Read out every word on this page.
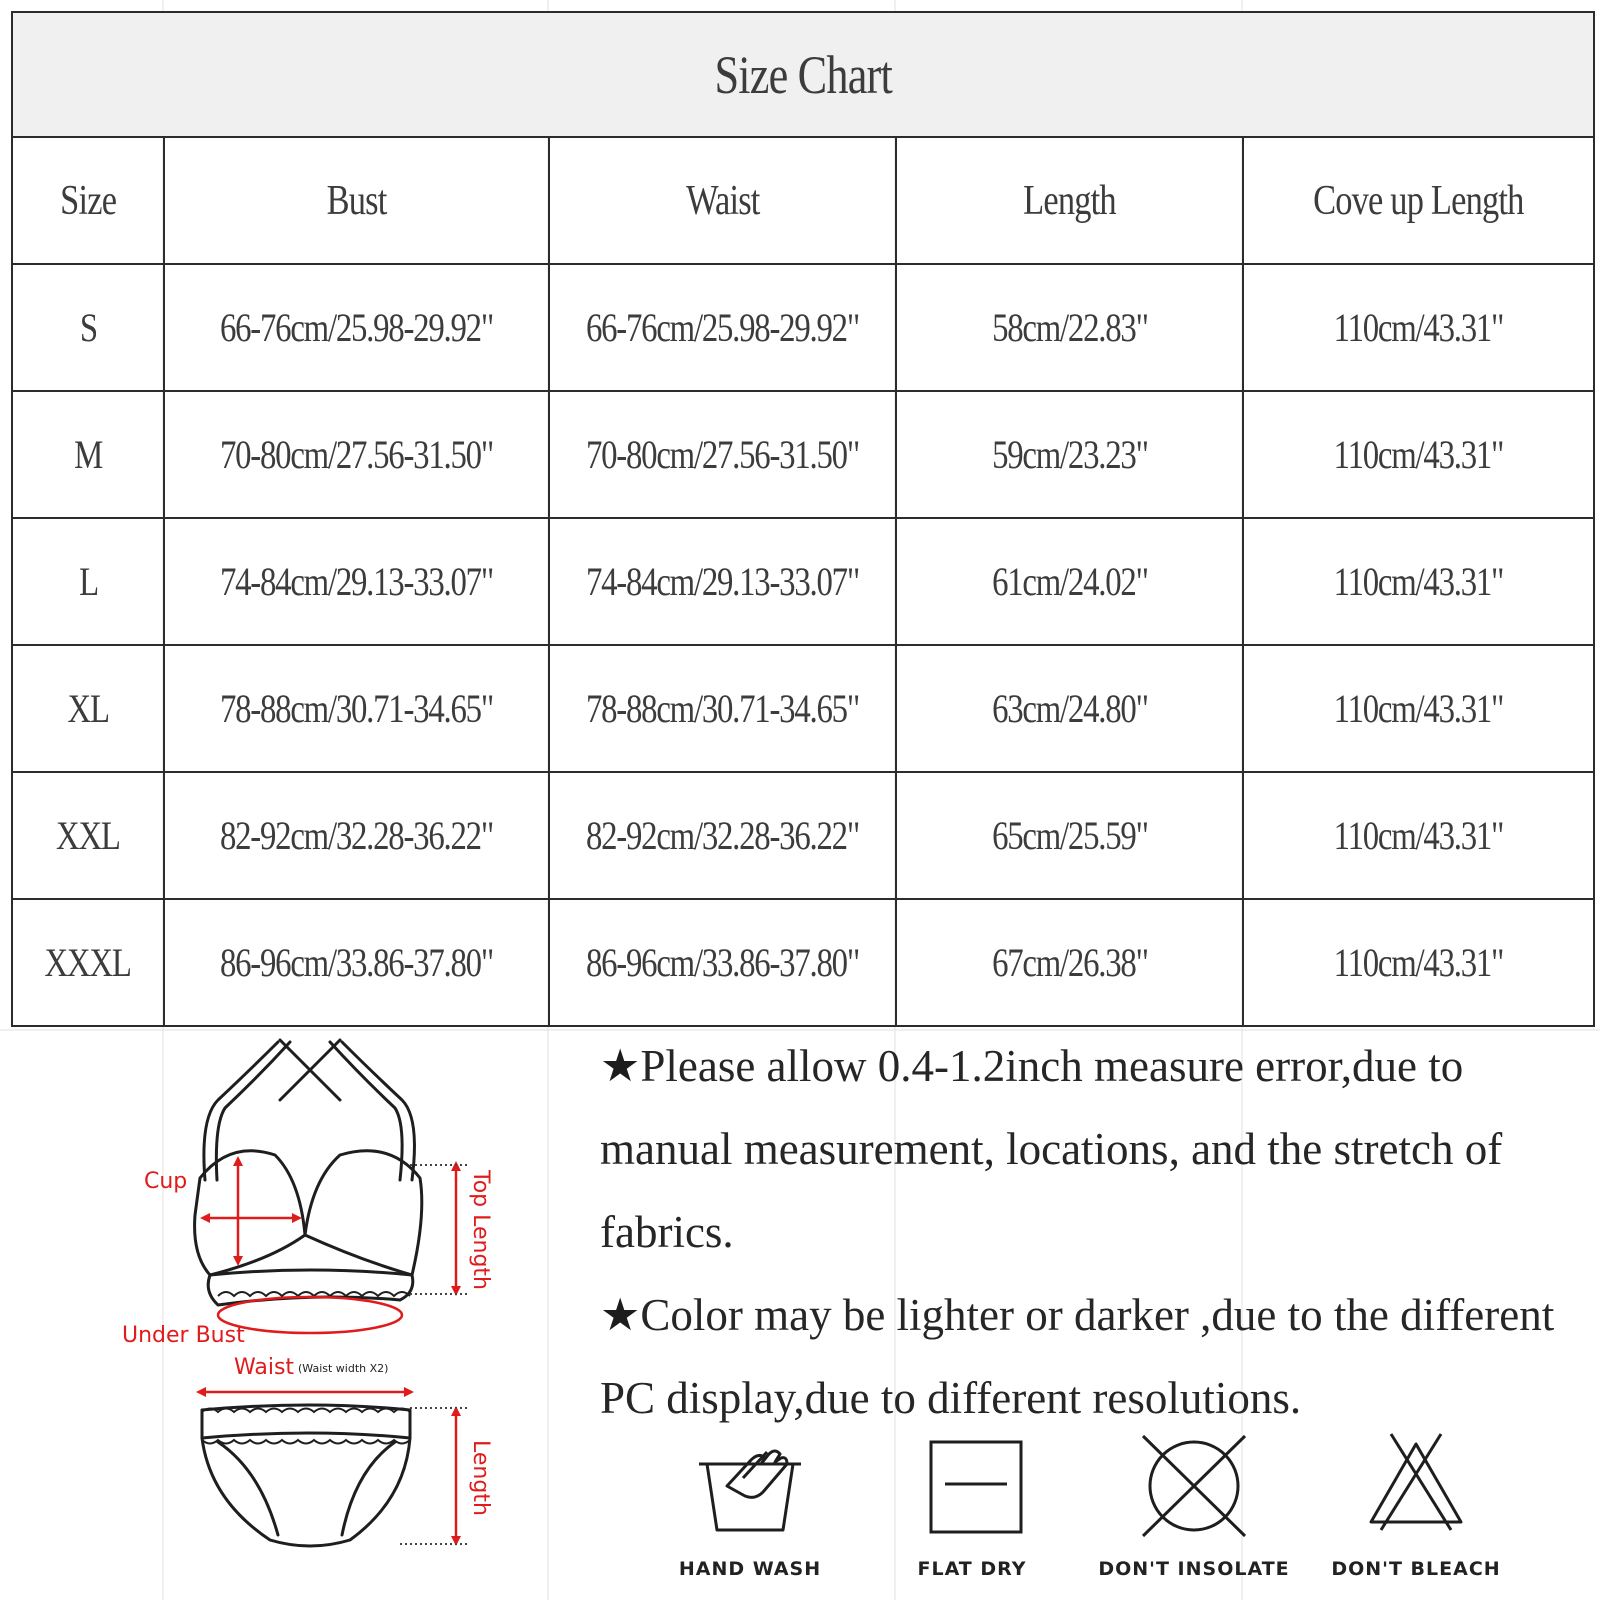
Size Chart				
Size	Bust	Waist	Length	Cove up Length
S	66-76cm/25.98-29.92"	66-76cm/25.98-29.92"	58cm/22.83"	110cm/43.31"
M	70-80cm/27.56-31.50"	70-80cm/27.56-31.50"	59cm/23.23"	110cm/43.31"
L	74-84cm/29.13-33.07"	74-84cm/29.13-33.07"	61cm/24.02"	110cm/43.31"
XL	78-88cm/30.71-34.65"	78-88cm/30.71-34.65"	63cm/24.80"	110cm/43.31"
XXL	82-92cm/32.28-36.22"	82-92cm/32.28-36.22"	65cm/25.59"	110cm/43.31"
XXXL	86-96cm/33.86-37.80"	86-96cm/33.86-37.80"	67cm/26.38"	110cm/43.31"
Cup	Top Length
Under Bust
Waist (Waist width X2)
Length

★Please allow 0.4-1.2inch measure error,due to manual measurement, locations, and the stretch of fabrics.

★Color may be lighter or darker ,due to the different PC display,due to different resolutions.

HAND WASH	FLAT DRY	DON'T INSOLATE	DON'T BLEACH
